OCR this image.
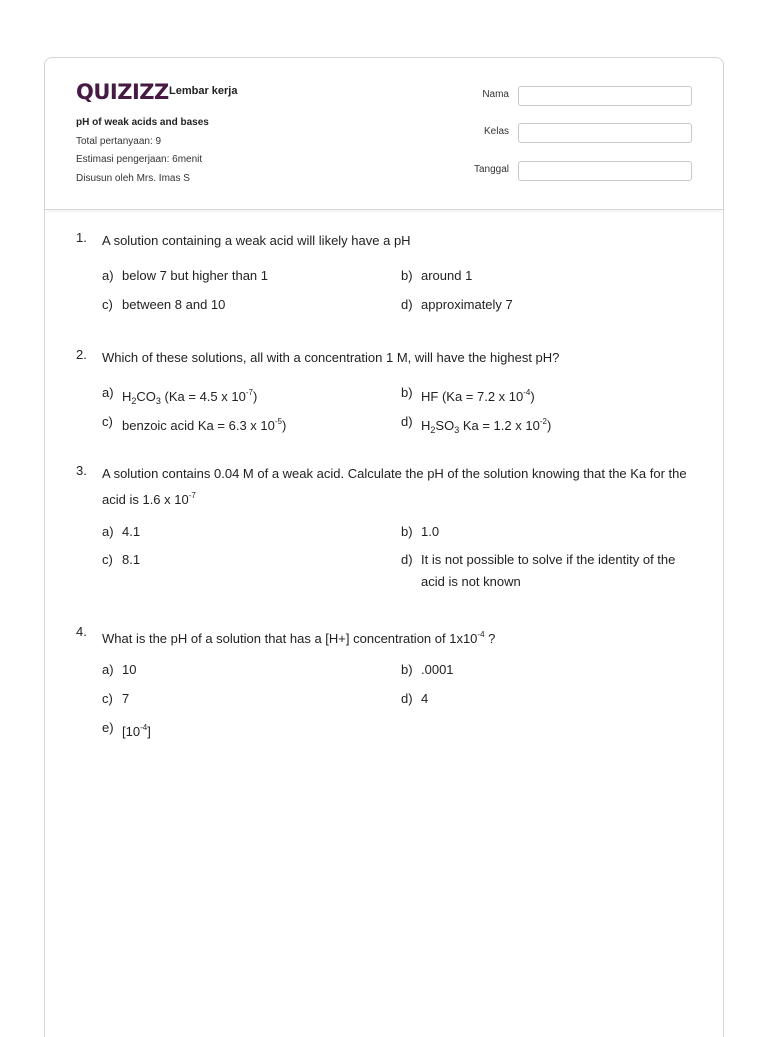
QUIZIZZ Lembar kerja
pH of weak acids and bases
Total pertanyaan: 9
Estimasi pengerjaan: 6menit
Disusun oleh Mrs. Imas S
Nama
Kelas
Tanggal
1. A solution containing a weak acid will likely have a pH
a) below 7 but higher than 1	b) around 1
c) between 8 and 10	d) approximately 7
2. Which of these solutions, all with a concentration 1 M, will have the highest pH?
a) $H_2CO_3$ (Ka = 4.5 x $10^{-7}$)	b) HF (Ka = 7.2 x $10^{-4}$)
c) benzoic acid Ka = 6.3 x $10^{-5}$)	d) $H_2SO_3$ Ka = 1.2 x $10^{-2}$)
3. A solution contains 0.04 M of a weak acid. Calculate the pH of the solution knowing that the Ka for the acid is 1.6 x $10^{-7}$
a) 4.1	b) 1.0
c) 8.1	d) It is not possible to solve if the identity of the acid is not known
4. What is the pH of a solution that has a [H+] concentration of $1x10^{-4}$ ?
a) 10	b) .0001
c) 7	d) 4
e) $[10^{-4}]$
